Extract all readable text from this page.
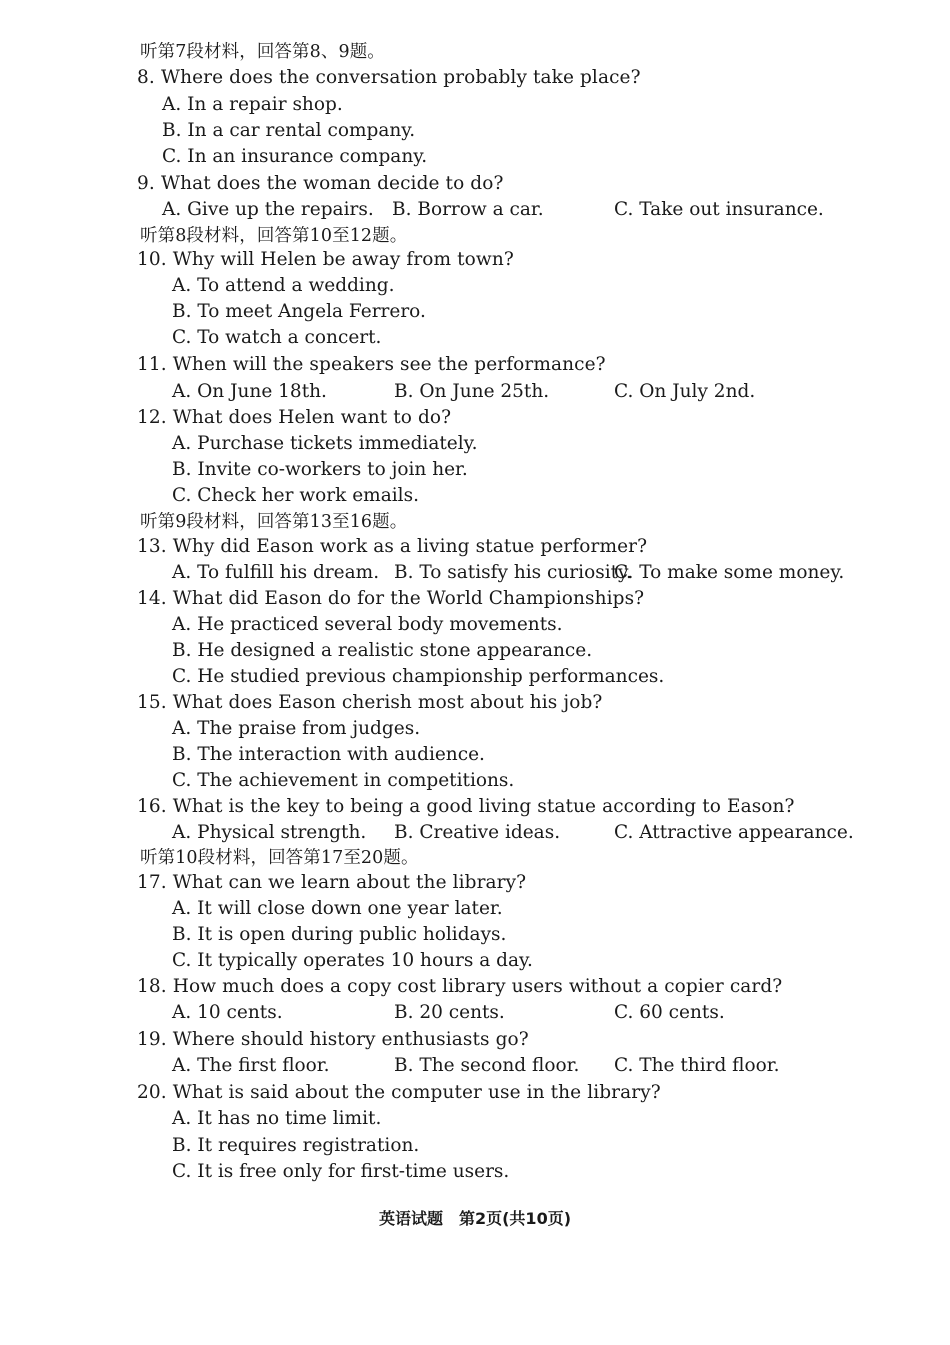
听第7段材料，回答第8、9题。
8. Where does the conversation probably take place?
A. In a repair shop.
B. In a car rental company.
C. In an insurance company.
9. What does the woman decide to do?
A. Give up the repairs. B. Borrow a car.	C. Take out insurance.
听第8段材料，回答第10至12题。
10. Why will Helen be away from town?
A. To attend a wedding.
B. To meet Angela Ferrero.
C. To watch a concert.
11. When will the speakers see the performance?
A. On June 18th.	B. On June 25th.	C. On July 2nd.
12. What does Helen want to do?
A. Purchase tickets immediately.
B. Invite co-workers to join her.
C. Check her work emails.
听第9段材料，回答第13至16题。
13. Why did Eason work as a living statue performer?
A. To fulfill his dream. B. To satisfy his curiosity.
C. To make some money.
14. What did Eason do for the World Championships?
A. He practiced several body movements.
B. He designed a realistic stone appearance.
C. He studied previous championship performances.
15. What does Eason cherish most about his job?
A. The praise from judges.
B. The interaction with audience.
C. The achievement in competitions.
16. What is the key to being a good living statue according to Eason?
A. Physical strength. B. Creative ideas.	C. Attractive appearance.
听第10段材料，回答第17至20题。
17. What can we learn about the library?
A. It will close down one year later.
B. It is open during public holidays.
C. It typically operates 10 hours a day.
18. How much does a copy cost library users without a copier card?
A. 10 cents.	B. 20 cents.	C. 60 cents.
19. Where should history enthusiasts go?
A. The first floor.	B. The second floor. C. The third floor.
20. What is said about the computer use in the library?
A. It has no time limit.
B. It requires registration.
C. It is free only for first-time users.
英语试题　第2页(共10页)
